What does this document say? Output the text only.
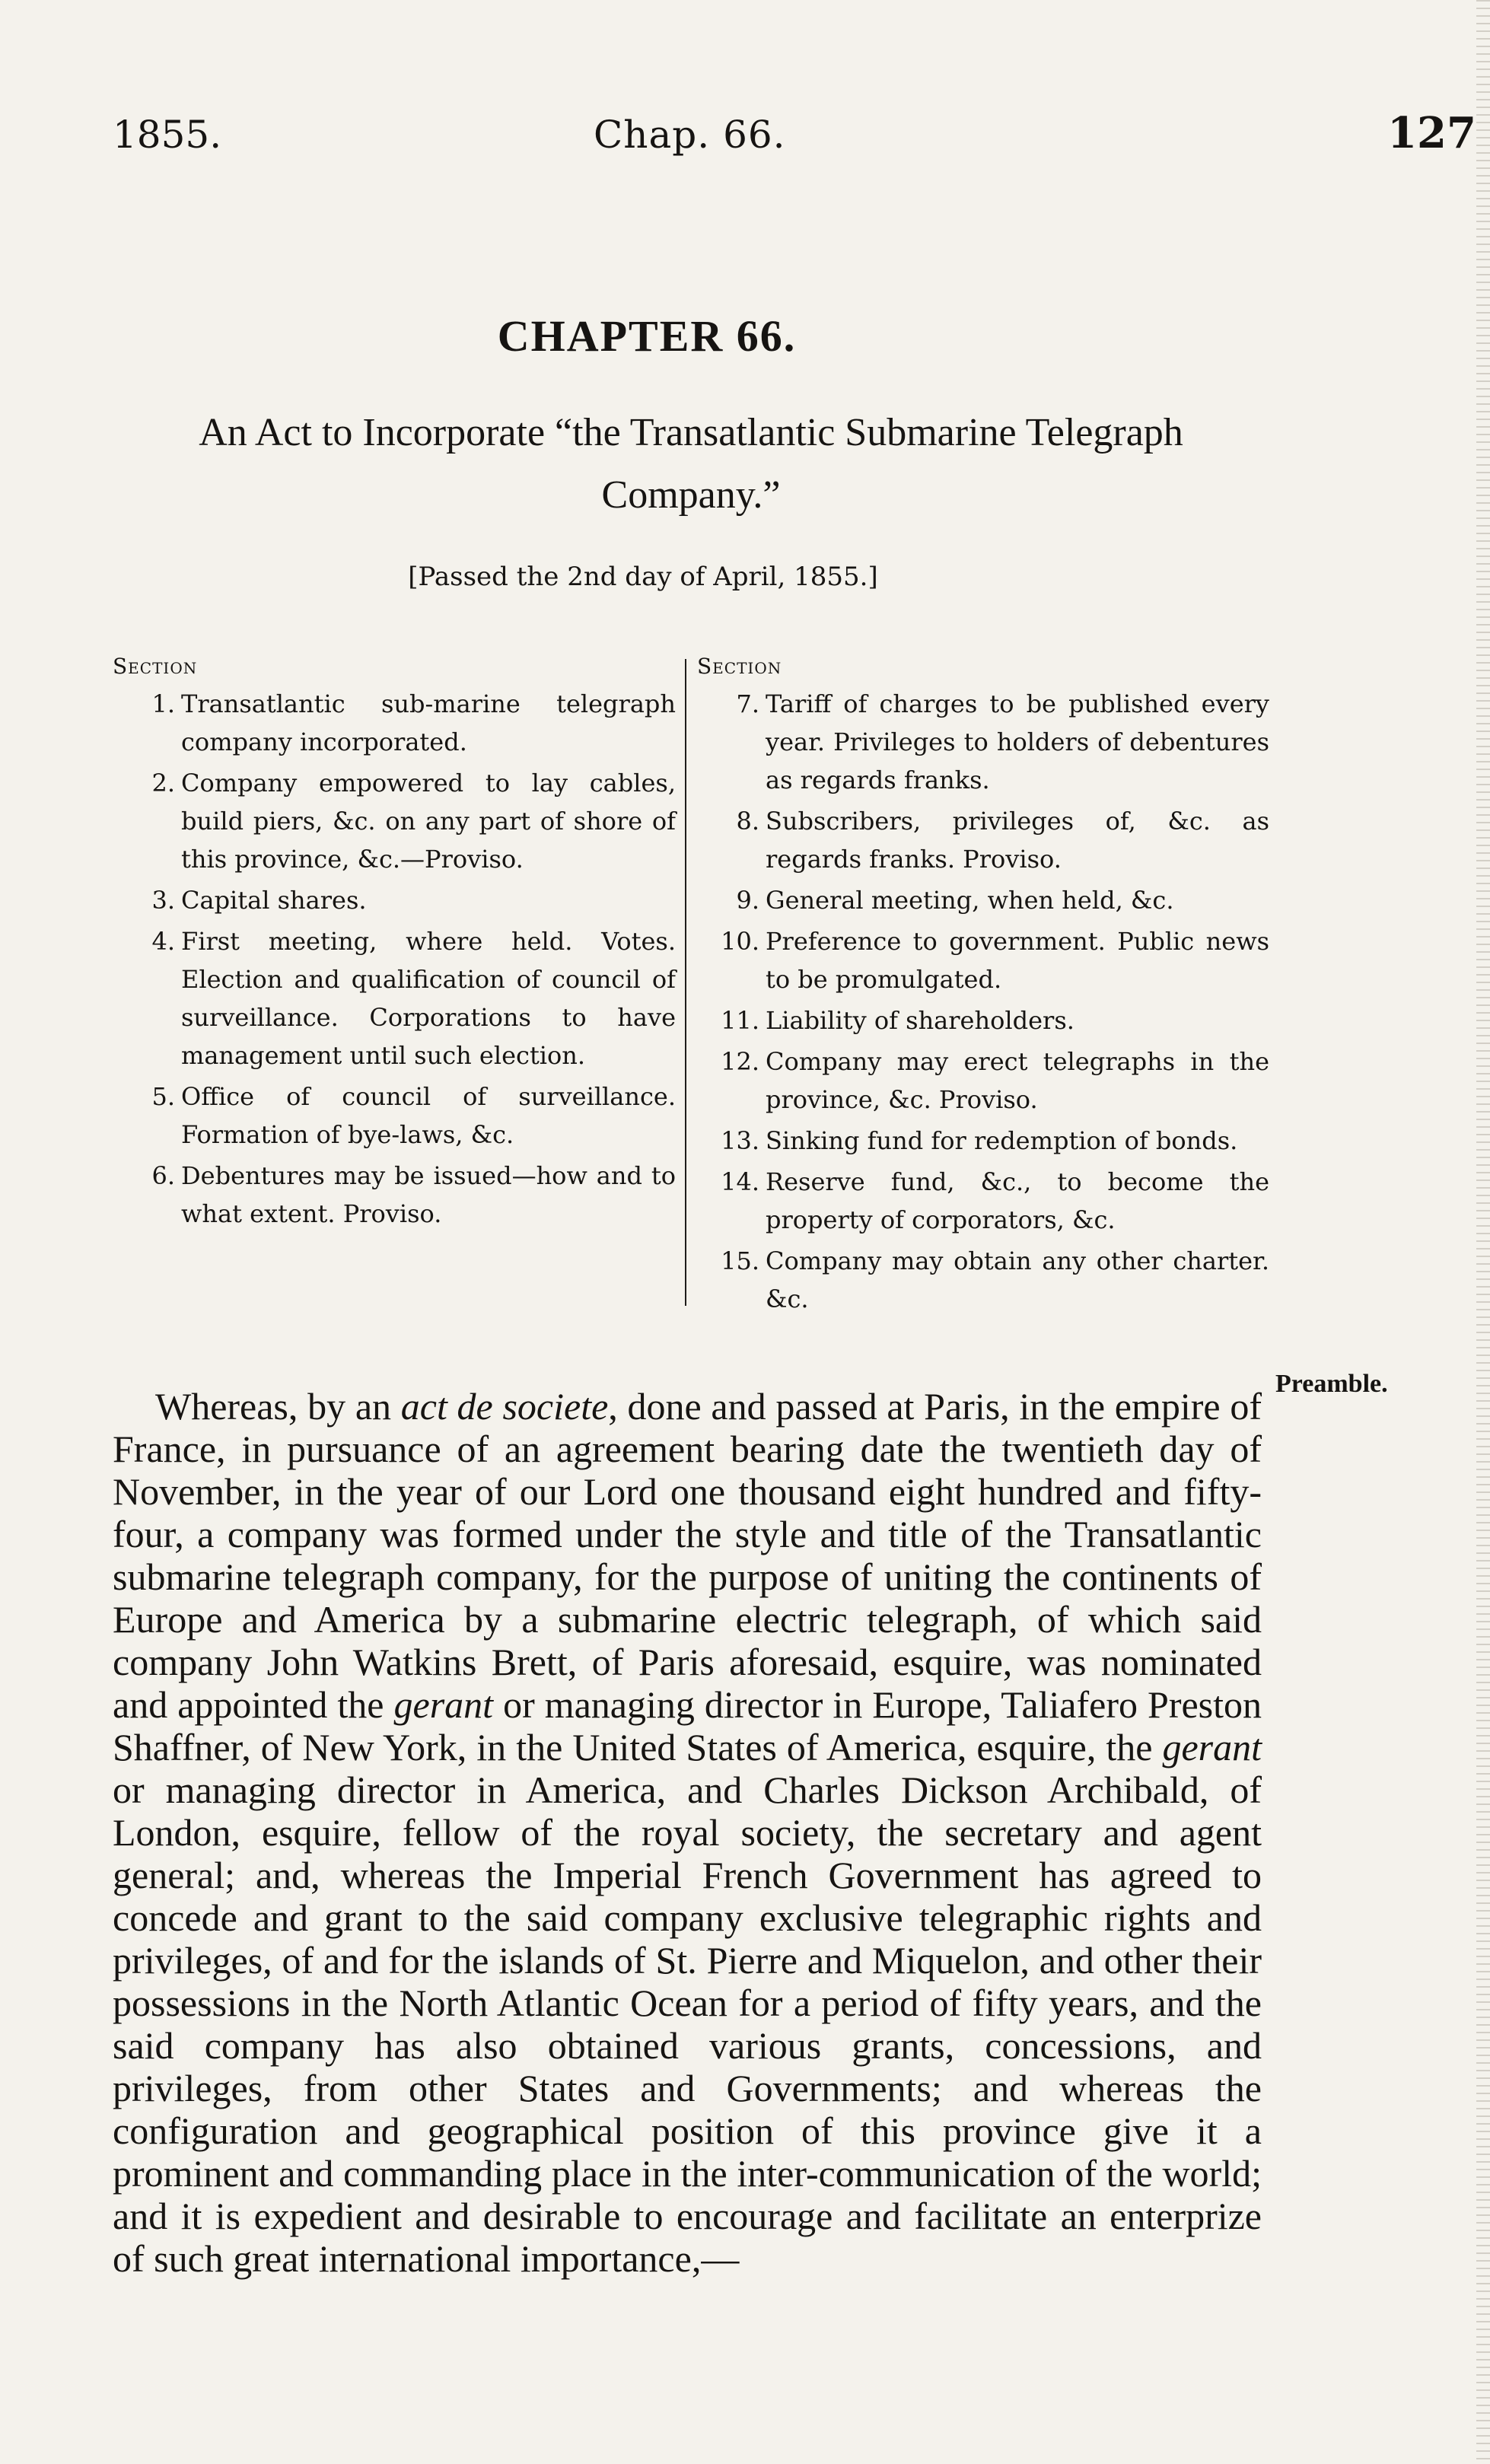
1855.	Chap. 66.	127
CHAPTER 66.
An Act to Incorporate “the Transatlantic Submarine Telegraph Company.”
[Passed the 2nd day of April, 1855.]
Section
1. Transatlantic sub-marine telegraph company incorporated.
2. Company empowered to lay cables, build piers, &c. on any part of shore of this province, &c.—Proviso.
3. Capital shares.
4. First meeting, where held. Votes. Election and qualification of council of surveillance. Corporations to have management until such election.
5. Office of council of surveillance. Formation of bye-laws, &c.
6. Debentures may be issued—how and to what extent. Proviso.
Section
7. Tariff of charges to be published every year. Privileges to holders of debentures as regards franks.
8. Subscribers, privileges of, &c. as regards franks. Proviso.
9. General meeting, when held, &c.
10. Preference to government. Public news to be promulgated.
11. Liability of shareholders.
12. Company may erect telegraphs in the province, &c. Proviso.
13. Sinking fund for redemption of bonds.
14. Reserve fund, &c., to become the property of corporators, &c.
15. Company may obtain any other charter. &c.
Preamble.

Whereas, by an act de societe, done and passed at Paris, in the empire of France, in pursuance of an agreement bearing date the twentieth day of November, in the year of our Lord one thousand eight hundred and fifty-four, a company was formed under the style and title of the Transatlantic submarine telegraph company, for the purpose of uniting the continents of Europe and America by a submarine electric telegraph, of which said company John Watkins Brett, of Paris aforesaid, esquire, was nominated and appointed the gerant or managing director in Europe, Taliafero Preston Shaffner, of New York, in the United States of America, esquire, the gerant or managing director in America, and Charles Dickson Archibald, of London, esquire, fellow of the royal society, the secretary and agent general; and, whereas the Imperial French Government has agreed to concede and grant to the said company exclusive telegraphic rights and privileges, of and for the islands of St. Pierre and Miquelon, and other their possessions in the North Atlantic Ocean for a period of fifty years, and the said company has also obtained various grants, concessions, and privileges, from other States and Governments; and whereas the configuration and geographical position of this province give it a prominent and commanding place in the inter-communication of the world; and it is expedient and desirable to encourage and facilitate an enterprize of such great international importance,—
